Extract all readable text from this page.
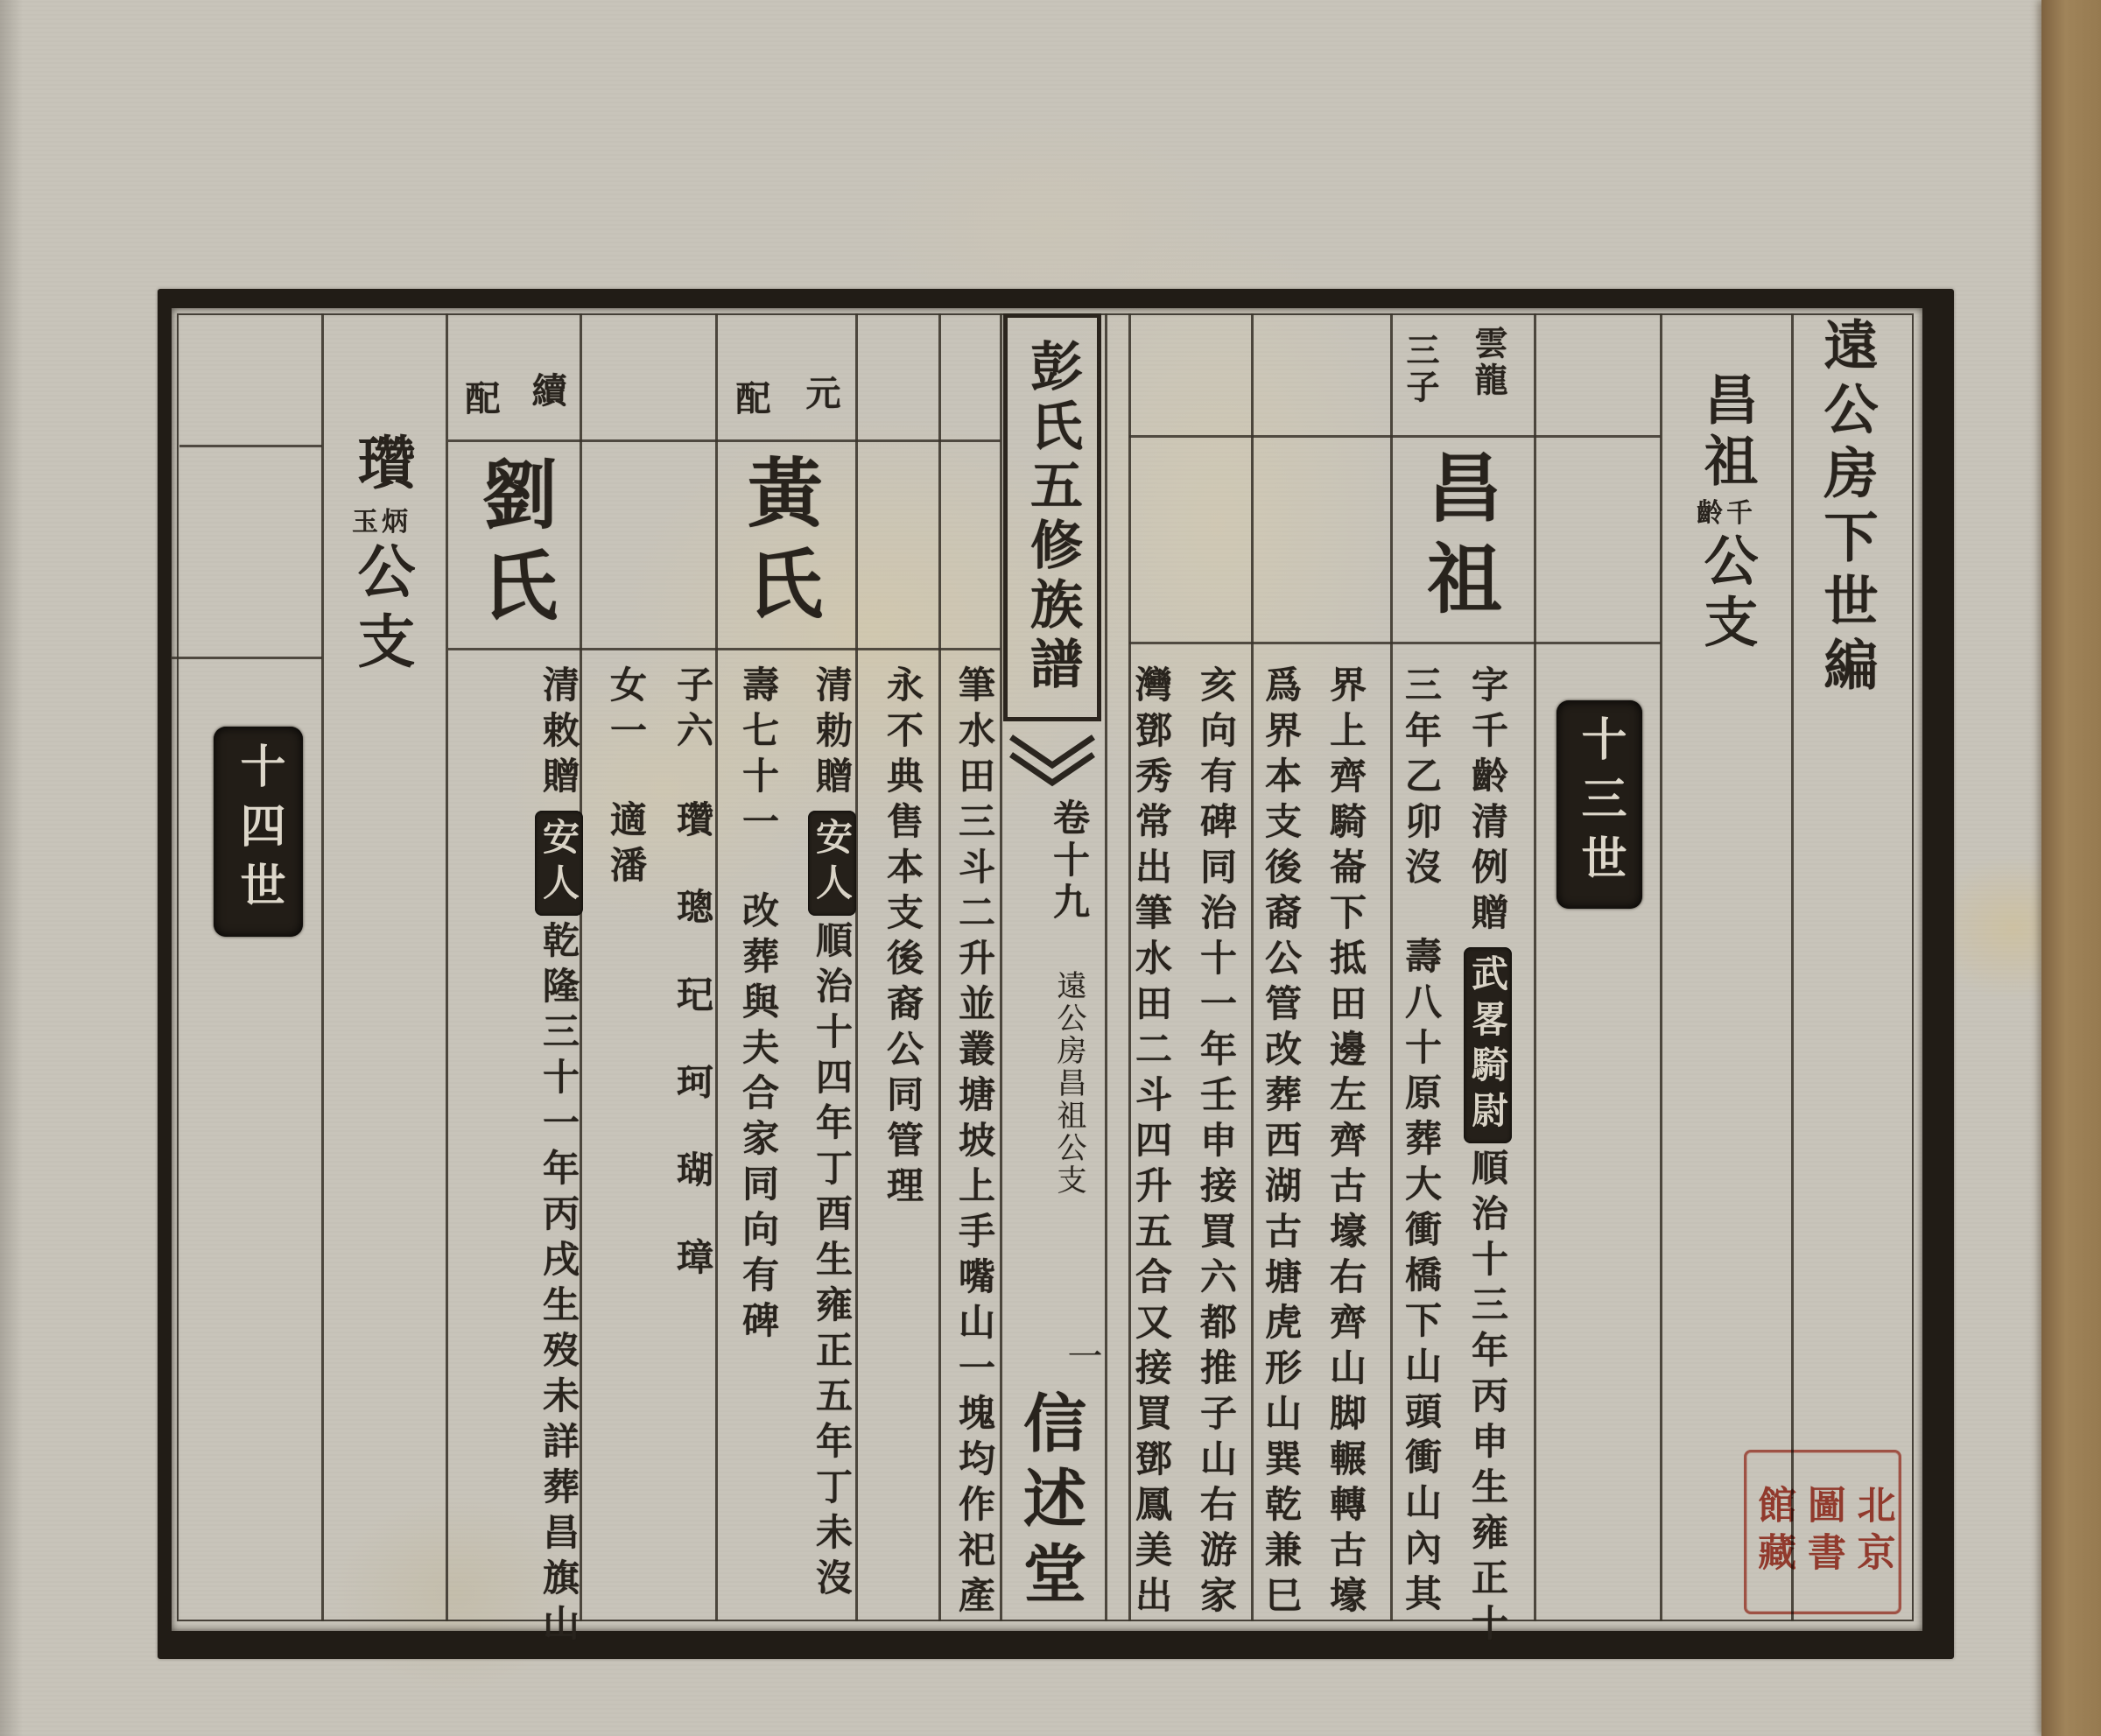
遠公房下世編
昌祖齡千公支
十三世
十四世
雲龍
三子
元
配
續
配
昌祖
黃氏
劉氏
瓚玉炳公支	彭氏五修族譜
卷十九
遠公房昌祖公支
一
信述堂
字千齡清例贈武畧騎尉順治十三年丙申生雍正十
三年乙卯沒壽八十原葬大衝橋下山頭衝山內其
界上齊騎崙下抵田邊左齊古壕右齊山脚輾轉古壕
爲界本支後裔公管改葬西湖古塘虎形山巽乾兼巳
亥向有碑同治十一年壬申接買六都推子山右游家
灣鄧秀常出筆水田二斗四升五合又接買鄧鳳美出
筆水田三斗二升並叢塘坡上手嘴山一塊均作祀產
永不典售本支後裔公同管理
清勅贈安人順治十四年丁酉生雍正五年丁未沒
壽七十一改葬與夫合家同向有碑
子六瓚璁玘珂瑚璋
女一適潘
清敕贈安人乾隆三十一年丙戌生歿未詳葬昌旗山	北京
圖書
館藏
